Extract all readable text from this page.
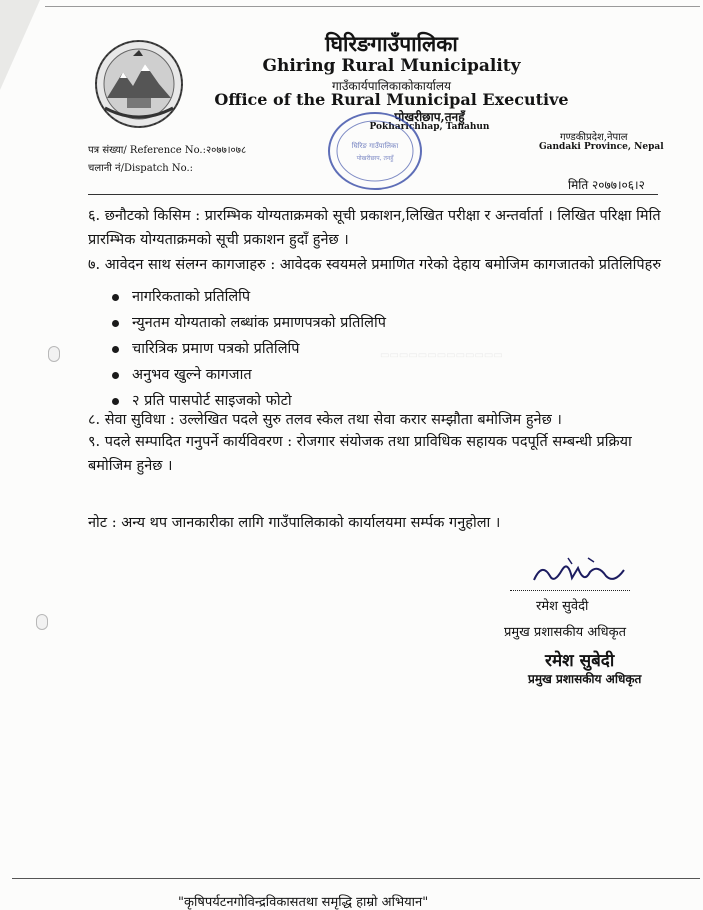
घिरिङगाउँपालिका
Ghiring Rural Municipality
गाउँकार्यपालिकाकोकार्यालय
Office of the Rural Municipal Executive
पोखरीछाप,तनहुँ
Pokharichhap, Tanahun
घिरिङ गाउँपालिका
पोखरीछाप, तनहुँ
पत्र संख्या/ Reference No.:२०७७।०७८
चलानी नं/Dispatch No.:
गण्डकीप्रदेश,नेपाल
Gandaki Province, Nepal
मिति २०७७।०६।२
▭▭▭▭▭▭▭▭▭▭▭▭▭
६. छनौटको किसिम : प्रारम्भिक योग्यताक्रमको सूची प्रकाशन,लिखित परीक्षा र अन्तर्वार्ता । लिखित परिक्षा मिति प्रारम्भिक योग्यताक्रमको सूची प्रकाशन हुदाँ हुनेछ ।
७. आवेदन साथ संलग्न कागजाहरु : आवेदक स्वयमले प्रमाणित गरेको देहाय बमोजिम कागजातको प्रतिलिपिहरु
नागरिकताको प्रतिलिपि
न्युनतम योग्यताको लब्धांक प्रमाणपत्रको प्रतिलिपि
चारित्रिक प्रमाण पत्रको प्रतिलिपि
अनुभव खुल्ने कागजात
२ प्रति पासपोर्ट साइजको फोटो
८. सेवा सुविधा : उल्लेखित पदले सुरु तलव स्केल तथा सेवा करार सम्झौता बमोजिम हुनेछ ।
९. पदले सम्पादित गनुपर्ने कार्यविवरण : रोजगार संयोजक तथा प्राविधिक सहायक पदपूर्ति सम्बन्धी प्रक्रिया बमोजिम हुनेछ ।
नोट : अन्य थप जानकारीका लागि गाउँपालिकाको कार्यालयमा सर्म्पक गनुहोला ।
रमेश सुवेदी
प्रमुख प्रशासकीय अधिकृत
रमेश सुबेदी
प्रमुख प्रशासकीय अधिकृत
"कृषिपर्यटनगोविन्द्रविकासतथा समृद्धि हाम्रो अभियान"
